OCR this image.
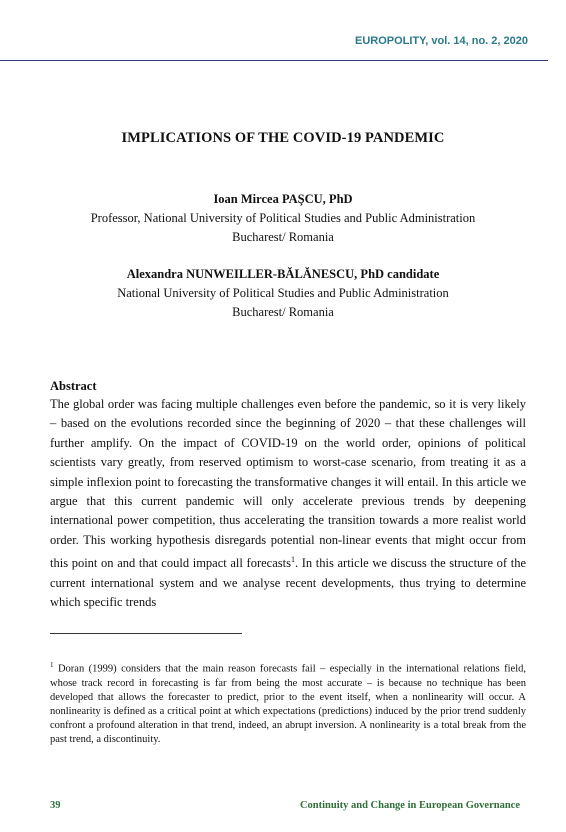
EUROPOLITY, vol. 14, no. 2, 2020
IMPLICATIONS OF THE COVID-19 PANDEMIC
Ioan Mircea PAŞCU, PhD
Professor, National University of Political Studies and Public Administration
Bucharest/ Romania
Alexandra NUNWEILLER-BĂLĂNESCU, PhD candidate
National University of Political Studies and Public Administration
Bucharest/ Romania

Abstract

The global order was facing multiple challenges even before the pandemic, so it is very likely – based on the evolutions recorded since the beginning of 2020 – that these challenges will further amplify. On the impact of COVID-19 on the world order, opinions of political scientists vary greatly, from reserved optimism to worst-case scenario, from treating it as a simple inflexion point to forecasting the transformative changes it will entail. In this article we argue that this current pandemic will only accelerate previous trends by deepening international power competition, thus accelerating the transition towards a more realist world order. This working hypothesis disregards potential non-linear events that might occur from this point on and that could impact all forecasts$^1$. In this article we discuss the structure of the current international system and we analyse recent developments, thus trying to determine which specific trends

$^1$ Doran (1999) considers that the main reason forecasts fail – especially in the international relations field, whose track record in forecasting is far from being the most accurate – is because no technique has been developed that allows the forecaster to predict, prior to the event itself, when a nonlinearity will occur. A nonlinearity is defined as a critical point at which expectations (predictions) induced by the prior trend suddenly confront a profound alteration in that trend, indeed, an abrupt inversion. A nonlinearity is a total break from the past trend, a discontinuity.

39	Continuity and Change in European Governance
